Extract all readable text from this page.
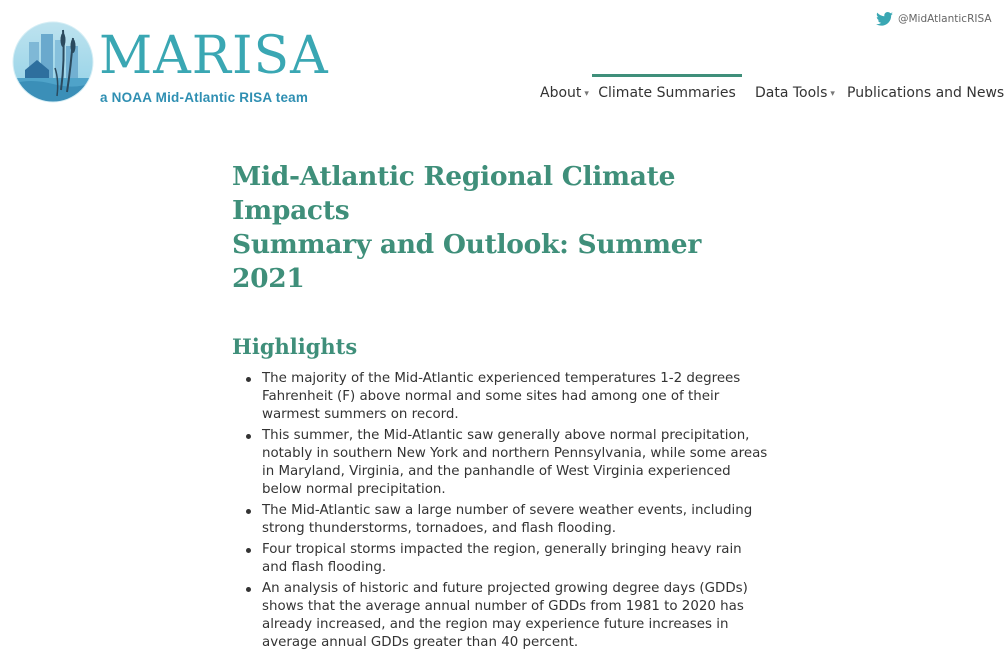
MARISA
a NOAA Mid-Atlantic RISA team
@MidAtlanticRISA
About ▾ Climate Summaries	Data Tools ▾ Publications and News
Mid-Atlantic Regional Climate Impacts
Summary and Outlook: Summer 2021
Highlights
The majority of the Mid-Atlantic experienced temperatures 1-2 degrees Fahrenheit (F) above normal and some sites had among one of their warmest summers on record.
This summer, the Mid-Atlantic saw generally above normal precipitation, notably in southern New York and northern Pennsylvania, while some areas in Maryland, Virginia, and the panhandle of West Virginia experienced below normal precipitation.
The Mid-Atlantic saw a large number of severe weather events, including strong thunderstorms, tornadoes, and flash flooding.
Four tropical storms impacted the region, generally bringing heavy rain and flash flooding.
An analysis of historic and future projected growing degree days (GDDs) shows that the average annual number of GDDs from 1981 to 2020 has already increased, and the region may experience future increases in average annual GDDs greater than 40 percent.
